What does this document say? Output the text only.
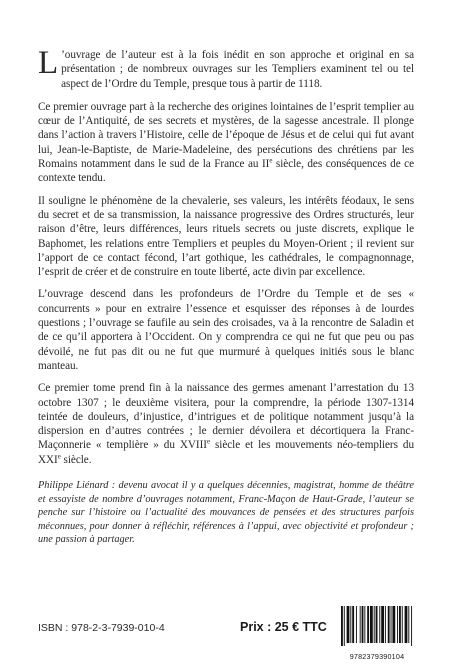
L ’ouvrage de l’auteur est à la fois inédit en son approche et original en sa présentation ; de nombreux ouvrages sur les Templiers examinent tel ou tel aspect de l’Ordre du Temple, presque tous à partir de 1118.

Ce premier ouvrage part à la recherche des origines lointaines de l’esprit templier au cœur de l’Antiquité, de ses secrets et mystères, de la sagesse ancestrale. Il plonge dans l’action à travers l’Histoire, celle de l’époque de Jésus et de celui qui fut avant lui, Jean-le-Baptiste, de Marie-Madeleine, des persécutions des chrétiens par les Romains notamment dans le sud de la France au IIe siècle, des conséquences de ce contexte tendu.

Il souligne le phénomène de la chevalerie, ses valeurs, les intérêts féodaux, le sens du secret et de sa transmission, la naissance progressive des Ordres structurés, leur raison d’être, leurs différences, leurs rituels secrets ou juste discrets, explique le Baphomet, les relations entre Templiers et peuples du Moyen-Orient ; il revient sur l’apport de ce contact fécond, l’art gothique, les cathédrales, le compagnonnage, l’esprit de créer et de construire en toute liberté, acte divin par excellence.

L’ouvrage descend dans les profondeurs de l’Ordre du Temple et de ses « concurrents » pour en extraire l’essence et esquisser des réponses à de lourdes questions ; l’ouvrage se faufile au sein des croisades, va à la rencontre de Saladin et de ce qu’il apportera à l’Occident. On y comprendra ce qui ne fut que peu ou pas dévoilé, ne fut pas dit ou ne fut que murmuré à quelques initiés sous le blanc manteau.

Ce premier tome prend fin à la naissance des germes amenant l’arrestation du 13 octobre 1307 ; le deuxième visitera, pour la comprendre, la période 1307-1314 teintée de douleurs, d’injustice, d’intrigues et de politique notamment jusqu’à la dispersion en d’autres contrées ; le dernier dévoilera et décortiquera la Franc-Maçonnerie « templière » du XVIIIe siècle et les mouvements néo-templiers du XXIe siècle.

Philippe Liénard : devenu avocat il y a quelques décennies, magistrat, homme de théâtre et essayiste de nombre d’ouvrages notamment, Franc-Maçon de Haut-Grade, l’auteur se penche sur l’histoire ou l’actualité des mouvances de pensées et des structures parfois méconnues, pour donner à réfléchir, références à l’appui, avec objectivité et profondeur ; une passion à partager.

ISBN : 978-2-3-7939-010-4	Prix : 25 € TTC
9782379390104
